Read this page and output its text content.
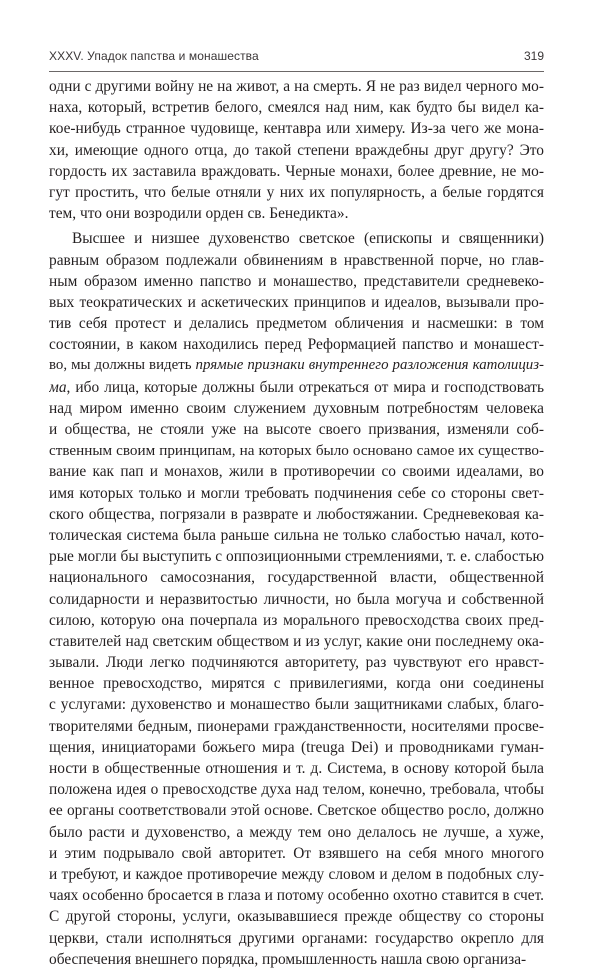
XXXV. Упадок папства и монашества	319
одни с другими войну не на живот, а на смерть. Я не раз видел черного мо-
наха, который, встретив белого, смеялся над ним, как будто бы видел ка-
кое-нибудь странное чудовище, кентавра или химеру. Из-за чего же мона-
хи, имеющие одного отца, до такой степени враждебны друг другу? Это
гордость их заставила враждовать. Черные монахи, более древние, не мо-
гут простить, что белые отняли у них их популярность, а белые гордятся
тем, что они возродили орден св. Бенедикта».
Высшее и низшее духовенство светское (епископы и священники)
равным образом подлежали обвинениям в нравственной порче, но глав-
ным образом именно папство и монашество, представители средневеко-
вых теократических и аскетических принципов и идеалов, вызывали про-
тив себя протест и делались предметом обличения и насмешки: в том
состоянии, в каком находились перед Реформацией папство и монашест-
во, мы должны видеть прямые признаки внутреннего разложения католициз-
ма, ибо лица, которые должны были отрекаться от мира и господствовать
над миром именно своим служением духовным потребностям человека
и общества, не стояли уже на высоте своего призвания, изменяли соб-
ственным своим принципам, на которых было основано самое их существо-
вание как пап и монахов, жили в противоречии со своими идеалами, во
имя которых только и могли требовать подчинения себе со стороны свет-
ского общества, погрязали в разврате и любостяжании. Средневековая ка-
толическая система была раньше сильна не только слабостью начал, кото-
рые могли бы выступить с оппозиционными стремлениями, т. е. слабостью
национального самосознания, государственной власти, общественной
солидарности и неразвитостью личности, но была могуча и собственной
силою, которую она почерпала из морального превосходства своих пред-
ставителей над светским обществом и из услуг, какие они последнему ока-
зывали. Люди легко подчиняются авторитету, раз чувствуют его нравст-
венное превосходство, мирятся с привилегиями, когда они соединены
с услугами: духовенство и монашество были защитниками слабых, благо-
творителями бедным, пионерами гражданственности, носителями просве-
щения, инициаторами божьего мира (treuga Dei) и проводниками гуман-
ности в общественные отношения и т. д. Система, в основу которой была
положена идея о превосходстве духа над телом, конечно, требовала, чтобы
ее органы соответствовали этой основе. Светское общество росло, должно
было расти и духовенство, а между тем оно делалось не лучше, а хуже,
и этим подрывало свой авторитет. От взявшего на себя много многого
и требуют, и каждое противоречие между словом и делом в подобных слу-
чаях особенно бросается в глаза и потому особенно охотно ставится в счет.
С другой стороны, услуги, оказывавшиеся прежде обществу со стороны
церкви, стали исполняться другими органами: государство окрепло для
обеспечения внешнего порядка, промышленность нашла свою организа-
